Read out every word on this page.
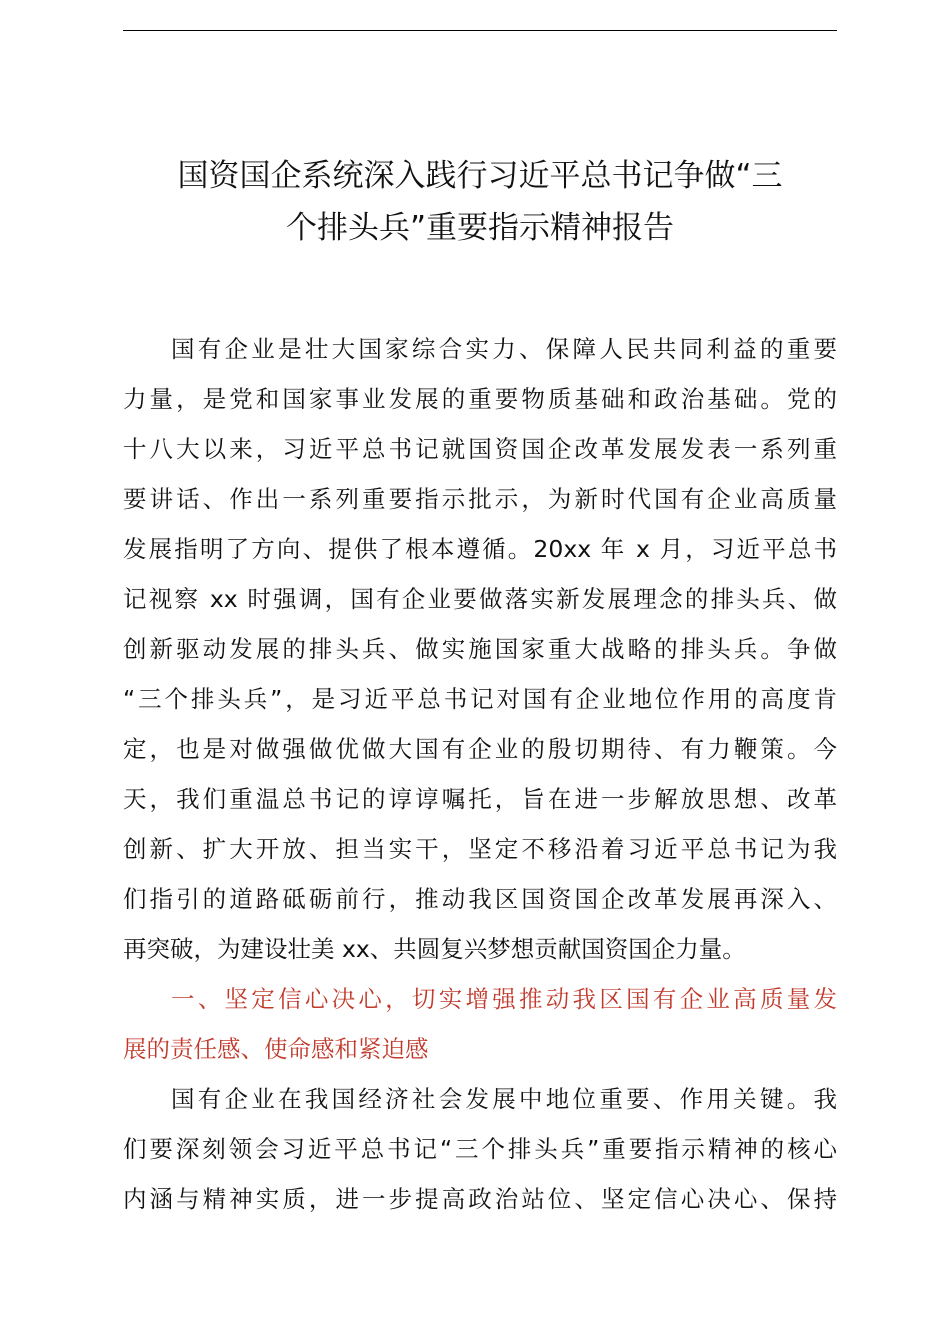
国资国企系统深入践行习近平总书记争做“三
个排头兵”重要指示精神报告
国有企业是壮大国家综合实力、保障人民共同利益的重要
力量，是党和国家事业发展的重要物质基础和政治基础。党的
十八大以来，习近平总书记就国资国企改革发展发表一系列重
要讲话、作出一系列重要指示批示，为新时代国有企业高质量
发展指明了方向、提供了根本遵循。20xx 年 x 月，习近平总书
记视察 xx 时强调，国有企业要做落实新发展理念的排头兵、做
创新驱动发展的排头兵、做实施国家重大战略的排头兵。争做
“三个排头兵”，是习近平总书记对国有企业地位作用的高度肯
定，也是对做强做优做大国有企业的殷切期待、有力鞭策。今
天，我们重温总书记的谆谆嘱托，旨在进一步解放思想、改革
创新、扩大开放、担当实干，坚定不移沿着习近平总书记为我
们指引的道路砥砺前行，推动我区国资国企改革发展再深入、
再突破，为建设壮美 xx、共圆复兴梦想贡献国资国企力量。
一、坚定信心决心，切实增强推动我区国有企业高质量发
展的责任感、使命感和紧迫感
国有企业在我国经济社会发展中地位重要、作用关键。我
们要深刻领会习近平总书记“三个排头兵”重要指示精神的核心
内涵与精神实质，进一步提高政治站位、坚定信心决心、保持
